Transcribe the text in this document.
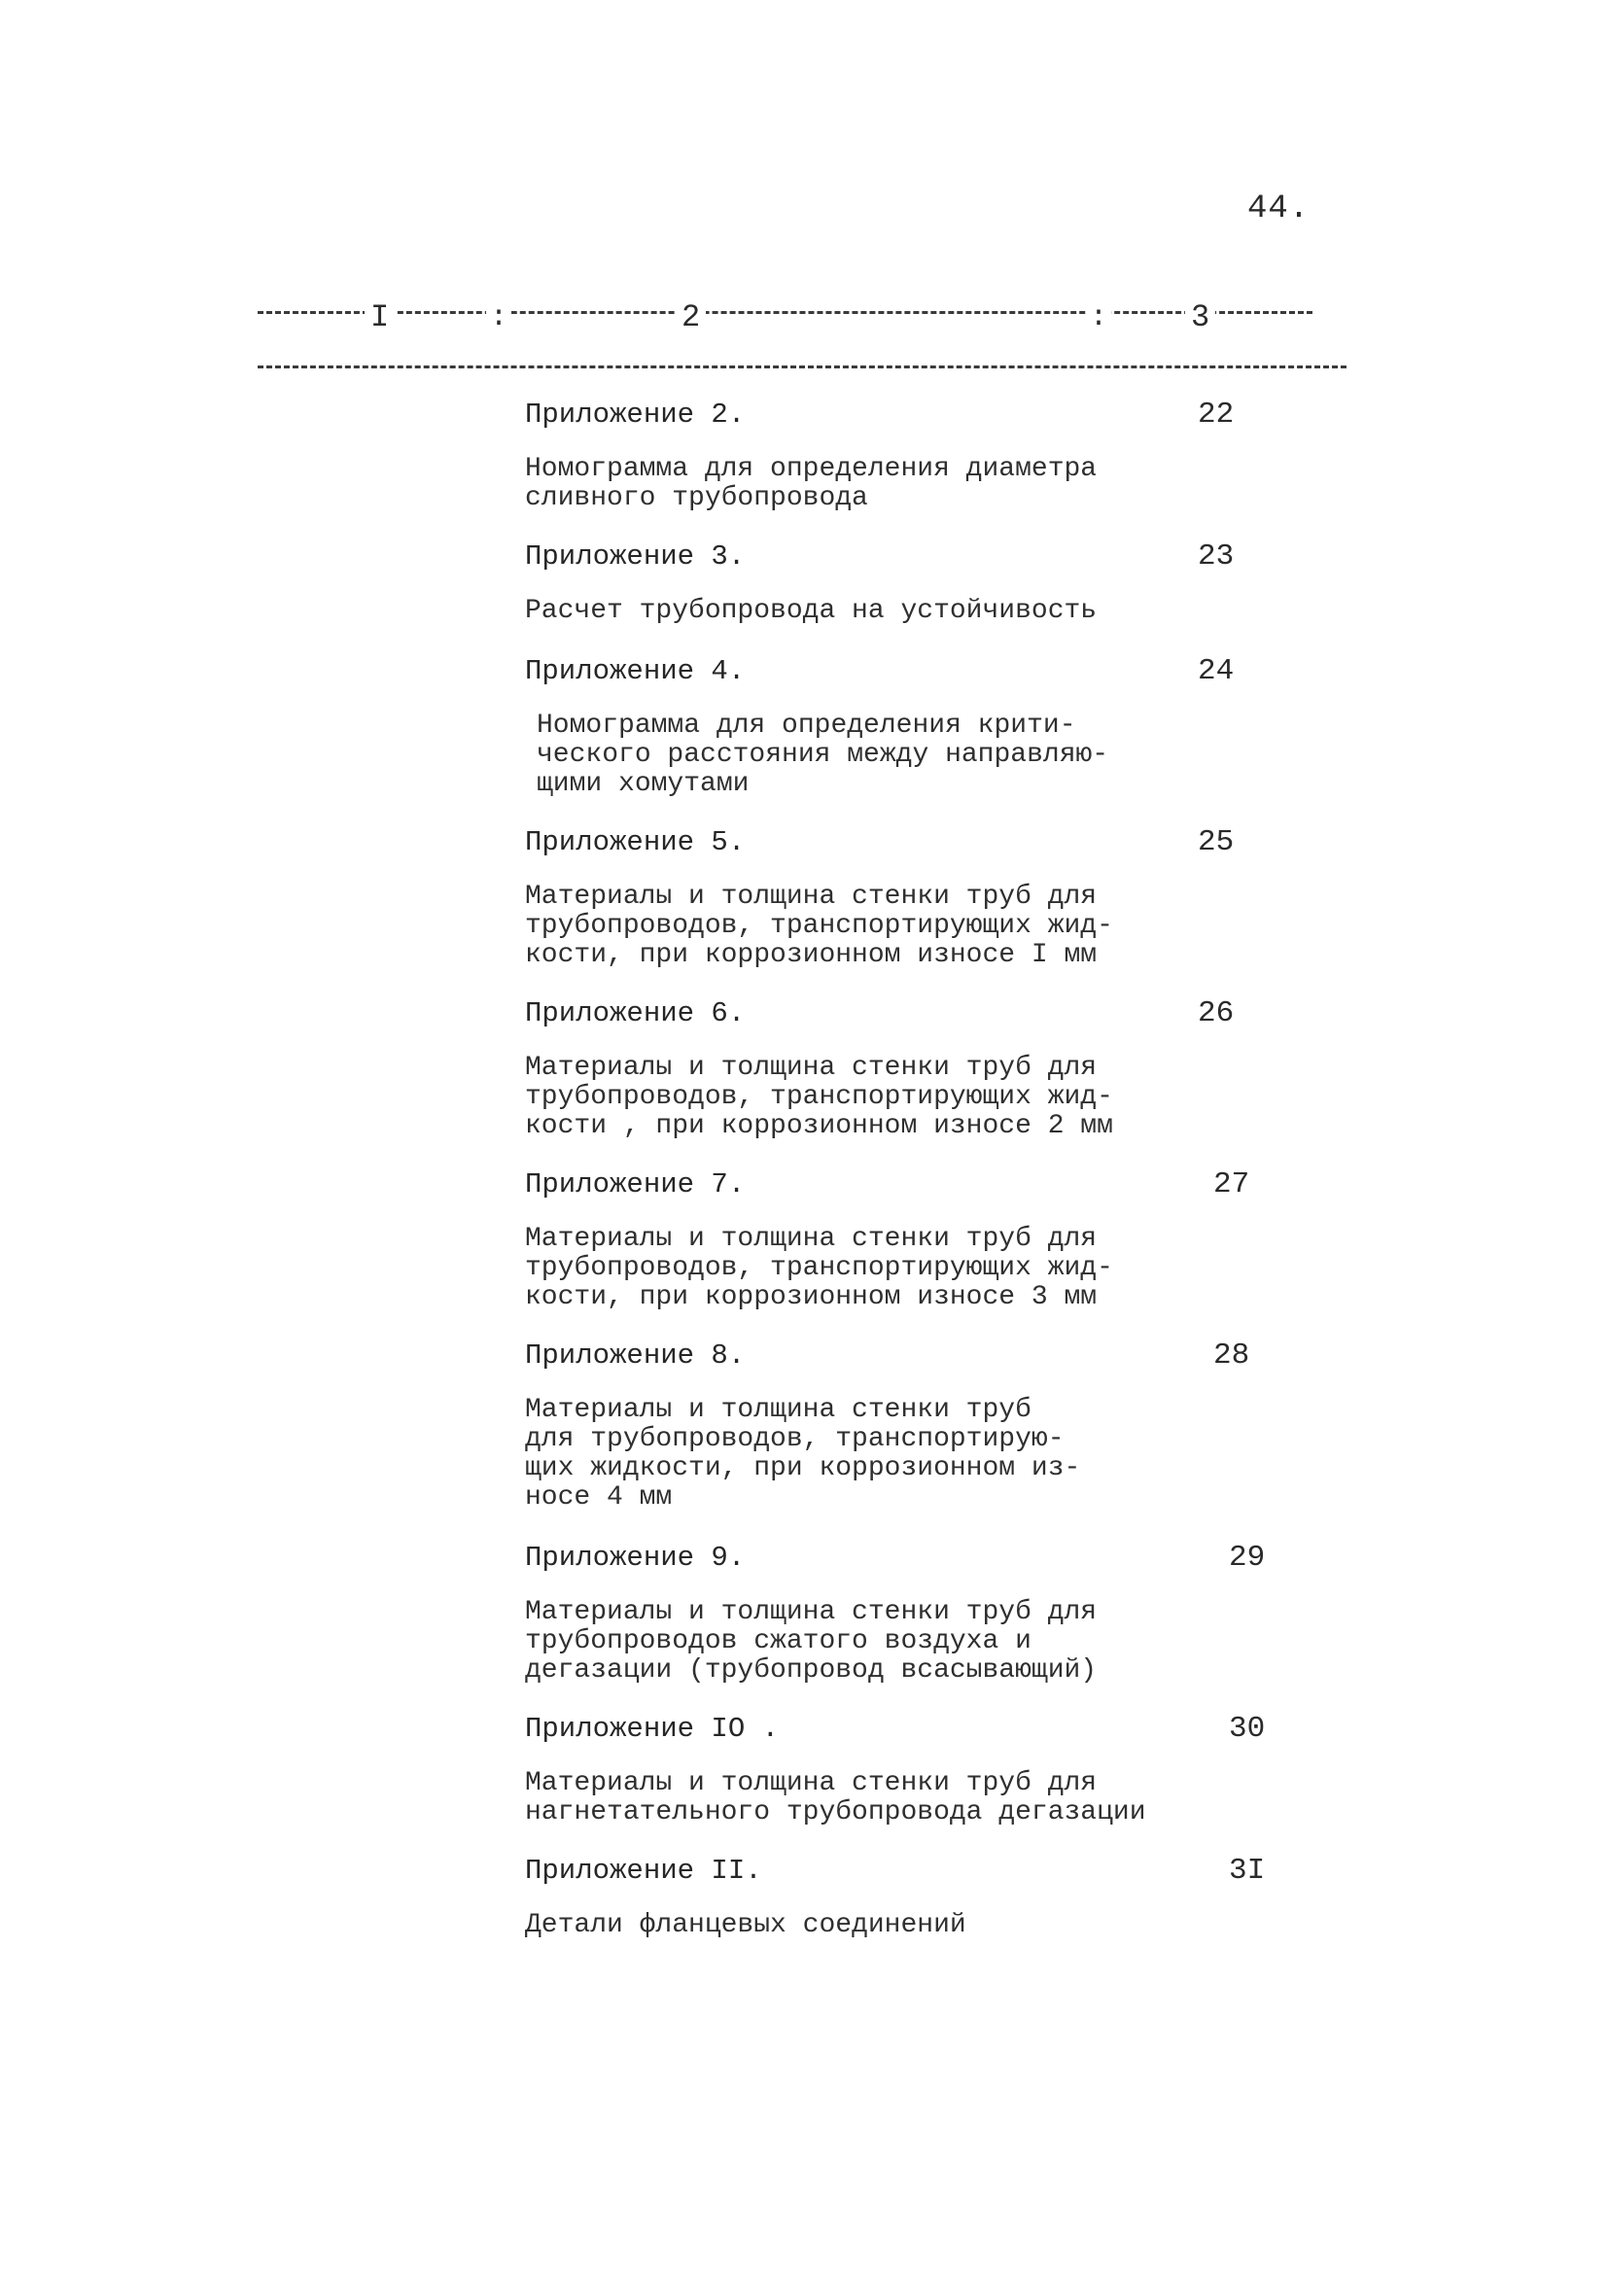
44.
I	:	2	:	3
Приложение 2.	22
Номограмма для определения диаметра
сливного трубопровода
Приложение 3.	23
Расчет трубопровода на устойчивость
Приложение 4.	24
Номограмма для определения крити-
ческого расстояния между направляю-
щими хомутами
Приложение 5.	25
Материалы и толщина стенки труб для
трубопроводов, транспортирующих жид-
кости, при коррозионном износе I мм
Приложение 6.	26
Материалы и толщина стенки труб для
трубопроводов, транспортирующих жид-
кости , при коррозионном износе 2 мм
Приложение 7.	27
Материалы и толщина стенки труб для
трубопроводов, транспортирующих жид-
кости, при коррозионном износе 3 мм
Приложение 8.	28
Материалы и толщина стенки труб
для трубопроводов, транспортирую-
щих жидкости, при коррозионном из-
носе 4 мм
Приложение 9.	29
Материалы и толщина стенки труб для
трубопроводов сжатого воздуха и
дегазации (трубопровод всасывающий)
Приложение IO .	30
Материалы и толщина стенки труб для
нагнетательного трубопровода дегазации
Приложение II.	3I
Детали фланцевых соединений
